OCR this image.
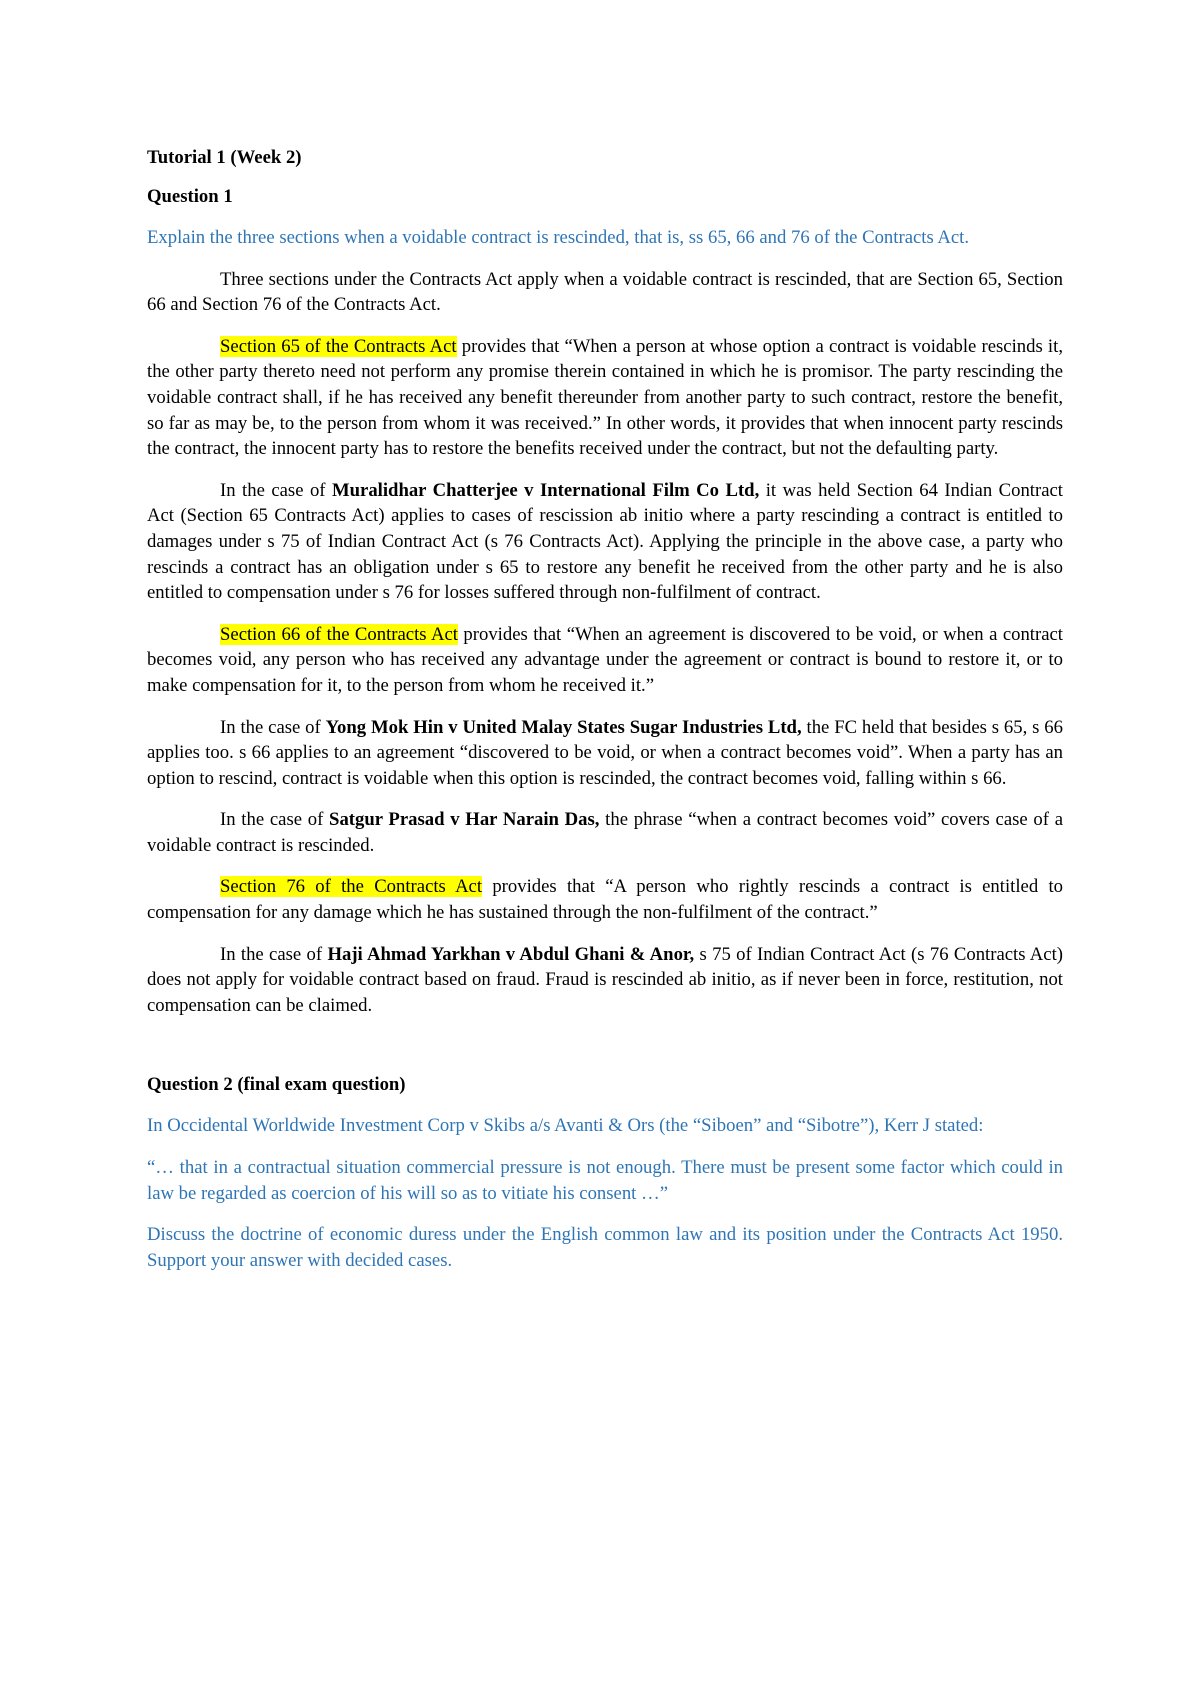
Tutorial 1 (Week 2)
Question 1

Explain the three sections when a voidable contract is rescinded, that is, ss 65, 66 and 76 of the Contracts Act.

Three sections under the Contracts Act apply when a voidable contract is rescinded, that are Section 65, Section 66 and Section 76 of the Contracts Act.

Section 65 of the Contracts Act provides that “When a person at whose option a contract is voidable rescinds it, the other party thereto need not perform any promise therein contained in which he is promisor. The party rescinding the voidable contract shall, if he has received any benefit thereunder from another party to such contract, restore the benefit, so far as may be, to the person from whom it was received.” In other words, it provides that when innocent party rescinds the contract, the innocent party has to restore the benefits received under the contract, but not the defaulting party.

In the case of Muralidhar Chatterjee v International Film Co Ltd, it was held Section 64 Indian Contract Act (Section 65 Contracts Act) applies to cases of rescission ab initio where a party rescinding a contract is entitled to damages under s 75 of Indian Contract Act (s 76 Contracts Act). Applying the principle in the above case, a party who rescinds a contract has an obligation under s 65 to restore any benefit he received from the other party and he is also entitled to compensation under s 76 for losses suffered through non-fulfilment of contract.

Section 66 of the Contracts Act provides that “When an agreement is discovered to be void, or when a contract becomes void, any person who has received any advantage under the agreement or contract is bound to restore it, or to make compensation for it, to the person from whom he received it.”

In the case of Yong Mok Hin v United Malay States Sugar Industries Ltd, the FC held that besides s 65, s 66 applies too. s 66 applies to an agreement “discovered to be void, or when a contract becomes void”. When a party has an option to rescind, contract is voidable when this option is rescinded, the contract becomes void, falling within s 66.

In the case of Satgur Prasad v Har Narain Das, the phrase “when a contract becomes void” covers case of a voidable contract is rescinded.

Section 76 of the Contracts Act provides that “A person who rightly rescinds a contract is entitled to compensation for any damage which he has sustained through the non-fulfilment of the contract.”

In the case of Haji Ahmad Yarkhan v Abdul Ghani & Anor, s 75 of Indian Contract Act (s 76 Contracts Act) does not apply for voidable contract based on fraud. Fraud is rescinded ab initio, as if never been in force, restitution, not compensation can be claimed.

Question 2 (final exam question)

In Occidental Worldwide Investment Corp v Skibs a/s Avanti & Ors (the “Siboen” and “Sibotre”), Kerr J stated:

“… that in a contractual situation commercial pressure is not enough. There must be present some factor which could in law be regarded as coercion of his will so as to vitiate his consent …”

Discuss the doctrine of economic duress under the English common law and its position under the Contracts Act 1950. Support your answer with decided cases.
